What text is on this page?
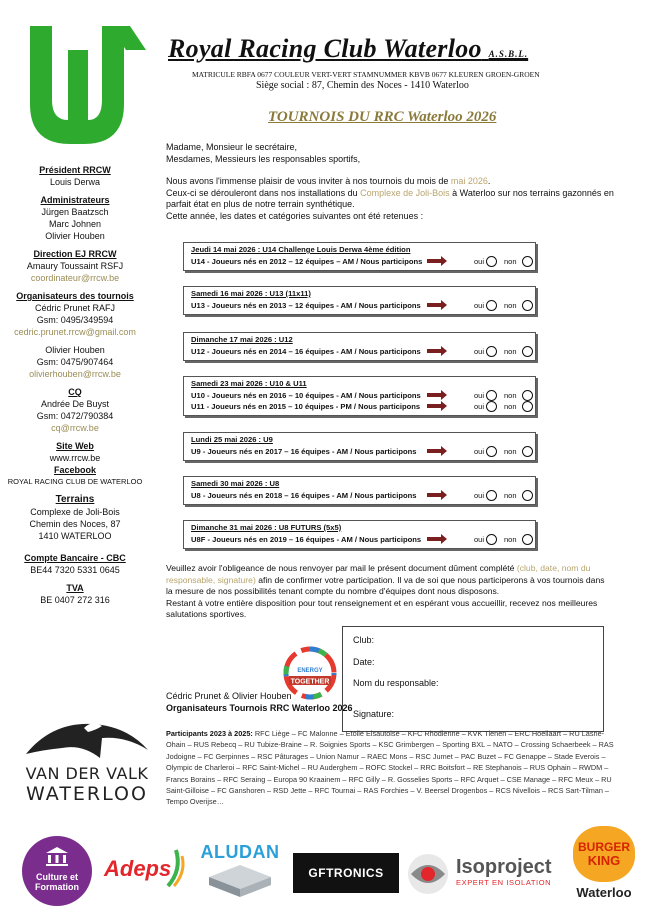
Royal Racing Club Waterloo A.S.B.L.
MATRICULE RBFA 0677 COULEUR VERT-VERT STAMNUMMER KBVB 0677 KLEUREN GROEN-GROEN
Siège social : 87, Chemin des Noces - 1410 Waterloo
TOURNOIS DU RRC Waterloo 2026
Président RRCW
Louis Derwa
Administrateurs
Jürgen Baatzsch
Marc Johnen
Olivier Houben
Direction EJ RRCW
Amaury Toussaint RSFJ
coordinateur@rrcw.be
Organisateurs des tournois
Cédric Prunet RAFJ
Gsm: 0495/349594
cedric.prunet.rrcw@gmail.com
Olivier Houben
Gsm: 0475/907464
olivierhouben@rrcw.be
CQ
Andrée De Buyst
Gsm: 0472/790384
cq@rrcw.be
Site Web
www.rrcw.be
Facebook
ROYAL RACING CLUB DE WATERLOO
Terrains
Complexe de Joli-Bois
Chemin des Noces, 87
1410 WATERLOO
Compte Bancaire - CBC
BE44 7320 5331 0645
TVA
BE 0407 272 316
Madame, Monsieur le secrétaire,
Mesdames, Messieurs les responsables sportifs,
Nous avons l'immense plaisir de vous inviter à nos tournois du mois de mai 2026.
Ceux-ci se dérouleront dans nos installations du Complexe de Joli-Bois à Waterloo sur nos terrains gazonnés en parfait état en plus de notre terrain synthétique.
Cette année, les dates et catégories suivantes ont été retenues :
Jeudi 14 mai 2026 : U14 Challenge Louis Derwa 4ème édition
U14 - Joueurs nés en 2012 – 12 équipes – AM / Nous participons	oui	non
Samedi 16 mai 2026 : U13 (11x11)
U13 - Joueurs nés en 2013 – 12 équipes - AM / Nous participons	oui	non
Dimanche 17 mai 2026 : U12
U12 - Joueurs nés en 2014 – 16 équipes - AM / Nous participons	oui	non
Samedi 23 mai 2026 : U10 & U11
U10 - Joueurs nés en 2016 – 10 équipes - AM / Nous participons	oui	non
U11 - Joueurs nés en 2015 – 10 équipes - PM / Nous participons	oui	non
Lundi 25 mai 2026 : U9
U9 - Joueurs nés en 2017 – 16 équipes - AM / Nous participons	oui	non
Samedi 30 mai 2026 : U8
U8 - Joueurs nés en 2018 – 16 équipes - AM / Nous participons	oui	non
Dimanche 31 mai 2026 : U8 FUTURS (5x5)
U8F - Joueurs nés en 2019 – 16 équipes - AM / Nous participons	oui	non
Veuillez avoir l'obligeance de nous renvoyer par mail le présent document dûment complété (club, date, nom du responsable, signature) afin de confirmer votre participation. Il va de soi que nous participerons à vos tournois dans la mesure de nos possibilités tenant compte du nombre d'équipes dont nous disposons.
Restant à votre entière disposition pour tout renseignement et en espérant vous accueillir, recevez nos meilleures salutations sportives.
Club:
Date:
Nom du responsable:
Signature:
ENERGY
TOGETHER
Cédric Prunet & Olivier Houben
Organisateurs Tournois RRC Waterloo 2026
Participants 2023 à 2025: RFC Liège – FC Malonne – Etoile Elsautoise – KFC Rhodienne – KVK Tienen – ERC Hoeilaart – RU Lasne-Ohain – RUS Rebecq – RU Tubize-Braine – R. Soignies Sports – KSC Grimbergen – Sporting BXL – NATO – Crossing Schaerbeek – RAS Jodoigne – FC Gerpinnes – RSC Pâturages – Union Namur – RAEC Mons – RSC Jumet – PAC Buzet – FC Genappe – Stade Everois – Olympic de Charleroi – RFC Saint-Michel – RU Auderghem – ROFC Stockel – RRC Boitsfort – RE Stephanois – RUS Ophain – RWDM – Francs Borains – RFC Seraing – Europa 90 Kraainem – RFC Gilly – R. Gosselies Sports – RFC Arquet – CSE Manage – RFC Meux – RU Saint-Gilloise – FC Ganshoren – RSD Jette – RFC Tournai – RAS Forchies – V. Beersel Drogenbos – RCS Nivellois – RCS Sart-Tilman – Tempo Overijse…
VAN DER VALK
WATERLOO
Culture et
Formation
Adeps
ALUDAN
GFTRONICS	Isoproject
EXPERT EN ISOLATION
BURGER
KING
Waterloo
